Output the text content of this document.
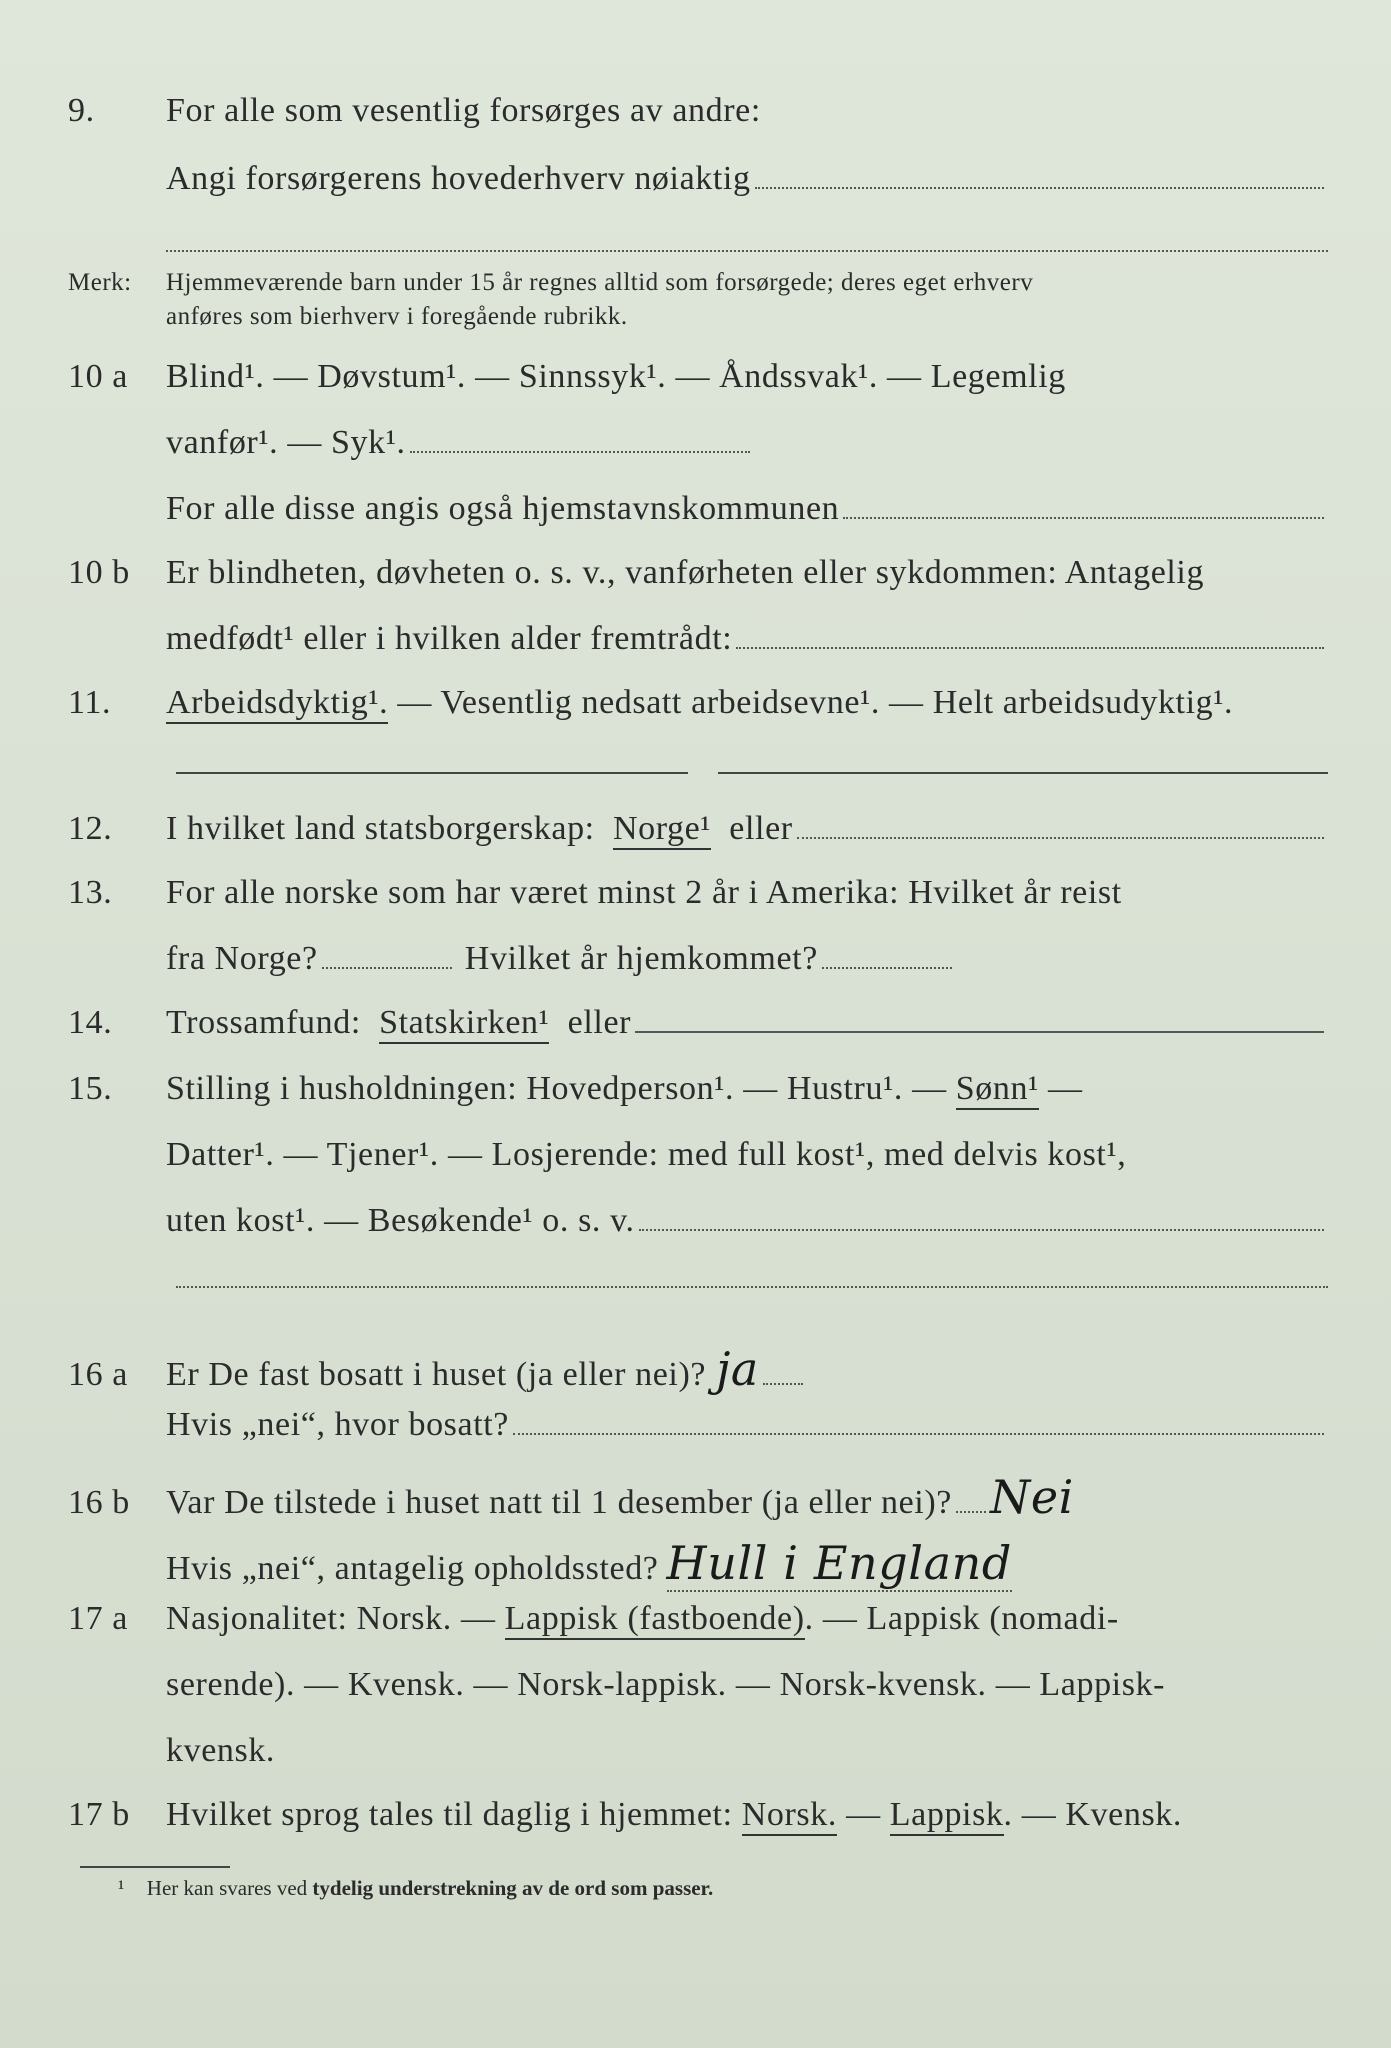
9.	For alle som vesentlig forsørges av andre:
Angi forsørgerens hovederhverv nøiaktig
Merk:	Hjemmeværende barn under 15 år regnes alltid som forsørgede; deres eget erhverv
anføres som bierhverv i foregående rubrikk.
10 a	Blind¹. — Døvstum¹. — Sinnssyk¹. — Åndssvak¹. — Legemlig
vanfør¹. — Syk¹.
For alle disse angis også hjemstavnskommunen
10 b	Er blindheten, døvheten o. s. v., vanførheten eller sykdommen: Antagelig
medfødt¹ eller i hvilken alder fremtrådt:
11.	Arbeidsdyktig¹.
— Vesentlig nedsatt arbeidsevne¹. — Helt arbeidsudyktig¹.
12.	I hvilket land statsborgerskap:
Norge¹
eller
13.	For alle norske som har været minst 2 år i Amerika: Hvilket år reist
fra Norge?
	Hvilket år hjemkommet?
14.	Trossamfund:
Statskirken¹
eller
15.	Stilling i husholdningen: Hovedperson¹. — Hustru¹. —
Sønn¹
—
Datter¹. — Tjener¹. — Losjerende: med full kost¹, med delvis kost¹,
uten kost¹. — Besøkende¹ o. s. v.
16 a	Er De fast bosatt i huset (ja eller nei)? ja
Hvis „nei“, hvor bosatt?
16 b	Var De tilstede i huset natt til 1 desember (ja eller nei)? Nei
Hvis „nei“, antagelig opholdssted? Hull i England
17 a	Nasjonalitet: Norsk. —
Lappisk (fastboende) . — Lappisk (nomadi-
serende). — Kvensk. — Norsk-lappisk. — Norsk-kvensk. — Lappisk-
kvensk.
17 b	Hvilket sprog tales til daglig i hjemmet:
Norsk.
—
Lappisk . — Kvensk.
¹ Her kan svares ved tydelig understrekning av de ord som passer.
